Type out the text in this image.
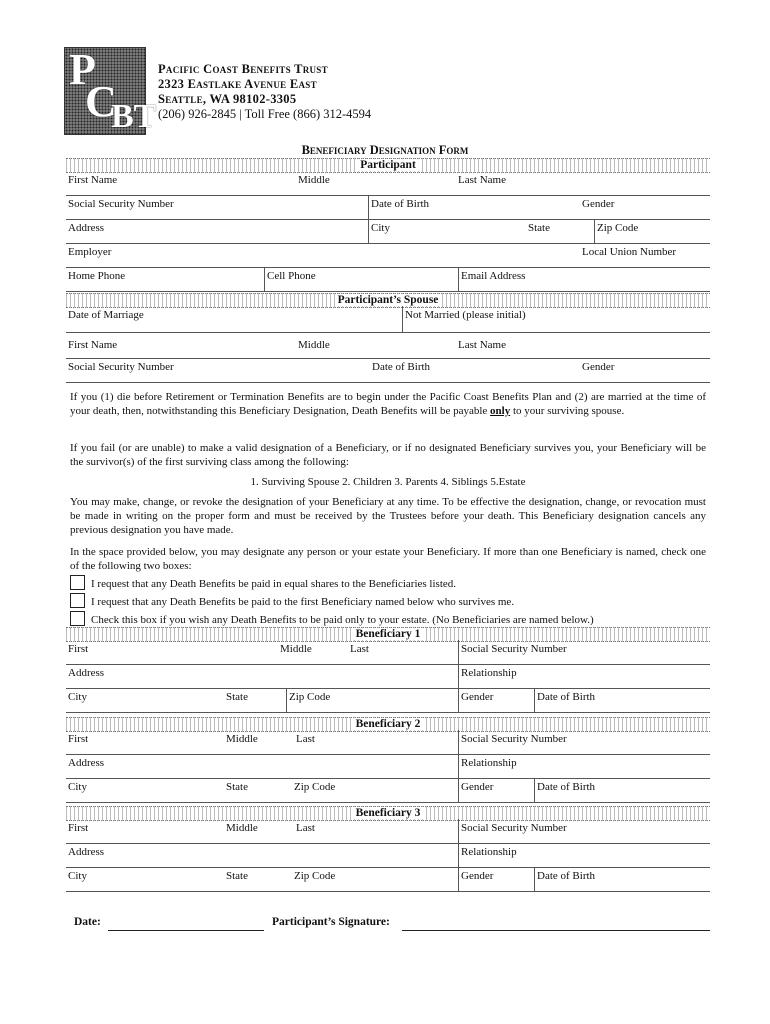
P
C
BT
Pacific Coast Benefits Trust
2323 Eastlake Avenue East
Seattle, WA 98102-3305
(206) 926-2845 | Toll Free (866) 312-4594
Beneficiary Designation Form
Participant
First Name	Middle	Last Name
Social Security Number	Date of Birth	Gender
Address	City	State	Zip Code
Employer	Local Union Number
Home Phone	Cell Phone	Email Address
Participant’s Spouse
Date of Marriage	Not Married (please initial)
First Name	Middle	Last Name
Social Security Number	Date of Birth	Gender
If you (1) die before Retirement or Termination Benefits are to begin under the Pacific Coast Benefits Plan and (2) are married at the time of your death, then, notwithstanding this Beneficiary Designation, Death Benefits will be payable only to your surviving spouse.
If you fail (or are unable) to make a valid designation of a Beneficiary, or if no designated Beneficiary survives you, your Beneficiary will be the survivor(s) of the first surviving class among the following:
1. Surviving Spouse 2. Children 3. Parents 4. Siblings 5.Estate
You may make, change, or revoke the designation of your Beneficiary at any time. To be effective the designation, change, or revocation must be made in writing on the proper form and must be received by the Trustees before your death. This Beneficiary designation cancels any previous designation you have made.
In the space provided below, you may designate any person or your estate your Beneficiary. If more than one Beneficiary is named, check one of the following two boxes:
I request that any Death Benefits be paid in equal shares to the Beneficiaries listed.
I request that any Death Benefits be paid to the first Beneficiary named below who survives me.
Check this box if you wish any Death Benefits to be paid only to your estate. (No Beneficiaries are named below.)
Beneficiary 1
First	Middle	Last	Social Security Number
Address	Relationship
City	State	Zip Code	Gender	Date of Birth
Beneficiary 2
First	Middle	Last	Social Security Number
Address	Relationship
City	State	Zip Code	Gender	Date of Birth
Beneficiary 3
First	Middle	Last	Social Security Number
Address	Relationship
City	State	Zip Code	Gender	Date of Birth
Date:	Participant’s Signature:
